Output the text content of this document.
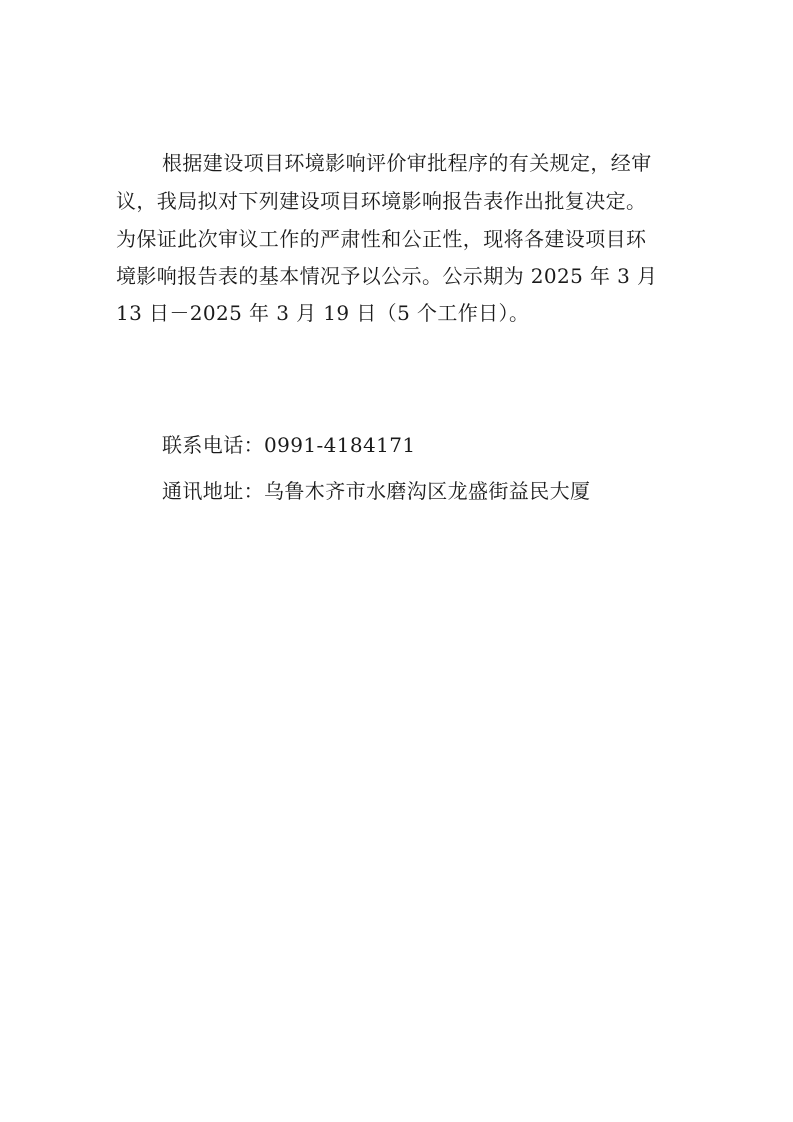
根据建设项目环境影响评价审批程序的有关规定，经审
议，我局拟对下列建设项目环境影响报告表作出批复决定。
为保证此次审议工作的严肃性和公正性，现将各建设项目环
境影响报告表的基本情况予以公示。公示期为 2025 年 3 月
13 日－2025 年 3 月 19 日（5 个工作日）。
联系电话：0991-4184171
通讯地址：乌鲁木齐市水磨沟区龙盛街益民大厦
